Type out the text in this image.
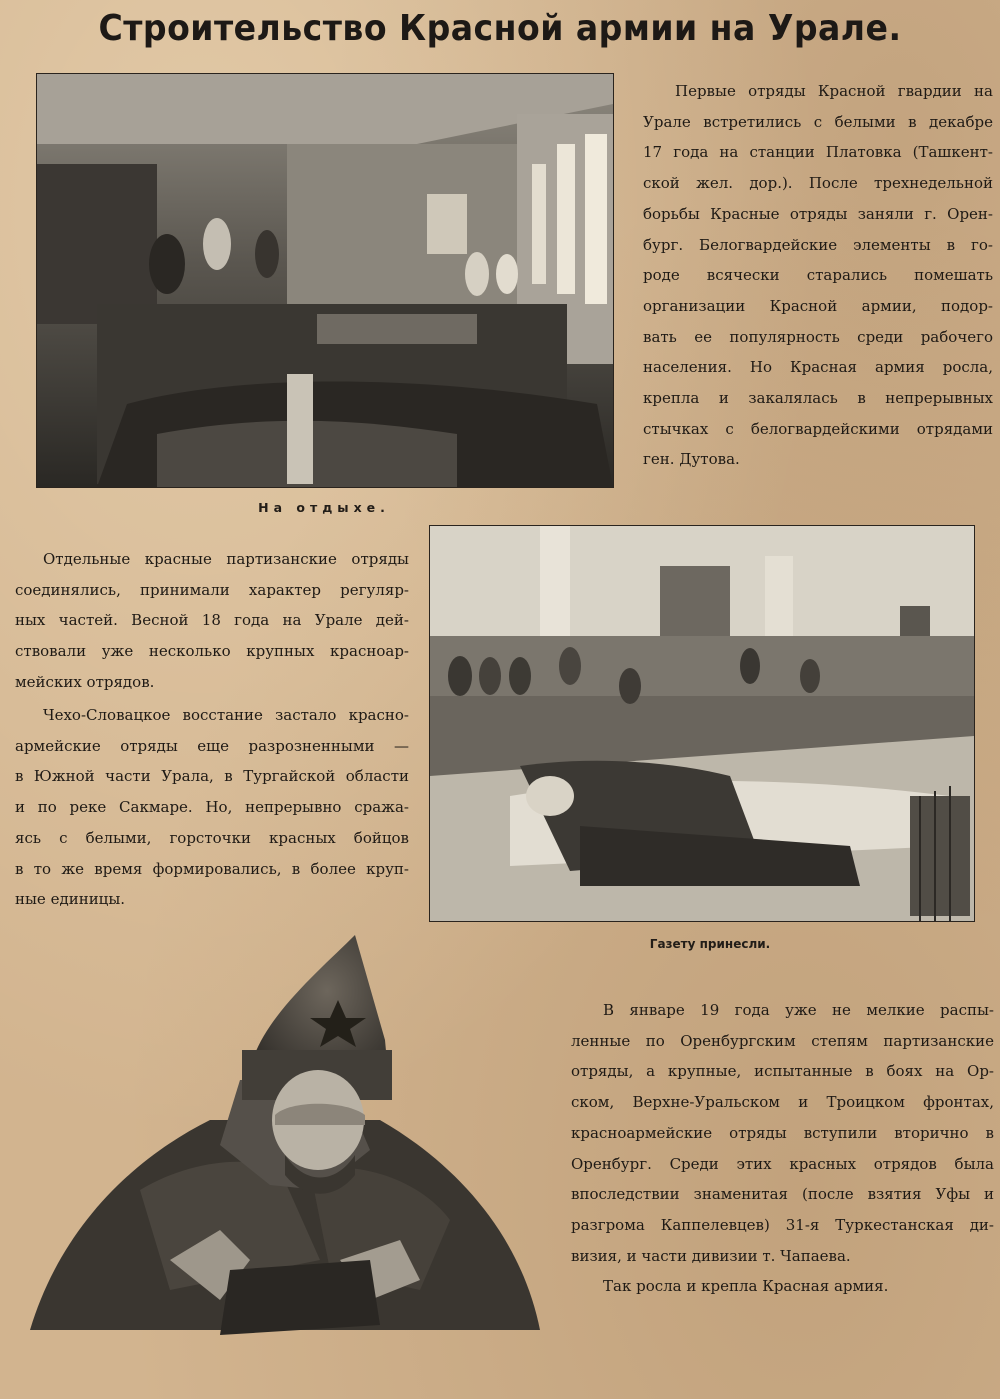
Строительство Красной армии на Урале.
На отдыхе.
Первые отряды Красной гвардии на
Урале встретились с белыми в декабре
17 года на станции Платовка (Ташкент-
ской жел. дор.). После трехнедельной
борьбы Красные отряды заняли г. Орен-
бург. Белогвардейские элементы в го-
роде всячески старались помешать
организации Красной армии, подор-
вать ее популярность среди рабочего
населения. Но Красная армия росла,
крепла и закалялась в непрерывных
стычках с белогвардейскими отрядами
ген. Дутова.
Газету принесли.
Отдельные красные партизанские отряды
соединялись, принимали характер регуляр-
ных частей. Весной 18 года на Урале дей-
ствовали уже несколько крупных красноар-
мейских отрядов.
Чехо-Словацкое восстание застало красно-
армейские отряды еще разрозненными —
в Южной части Урала, в Тургайской области
и по реке Сакмаре. Но, непрерывно сража-
ясь с белыми, горсточки красных бойцов
в то же время формировались, в более круп-
ные единицы.
В январе 19 года уже не мелкие распы-
ленные по Оренбургским степям партизанские
отряды, а крупные, испытанные в боях на Ор-
ском, Верхне-Уральском и Троицком фронтах,
красноармейские отряды вступили вторично в
Оренбург. Среди этих красных отрядов была
впоследствии знаменитая (после взятия Уфы и
разгрома Каппелевцев) 31-я Туркестанская ди-
визия, и части дивизии т. Чапаева.
Так росла и крепла Красная армия.
